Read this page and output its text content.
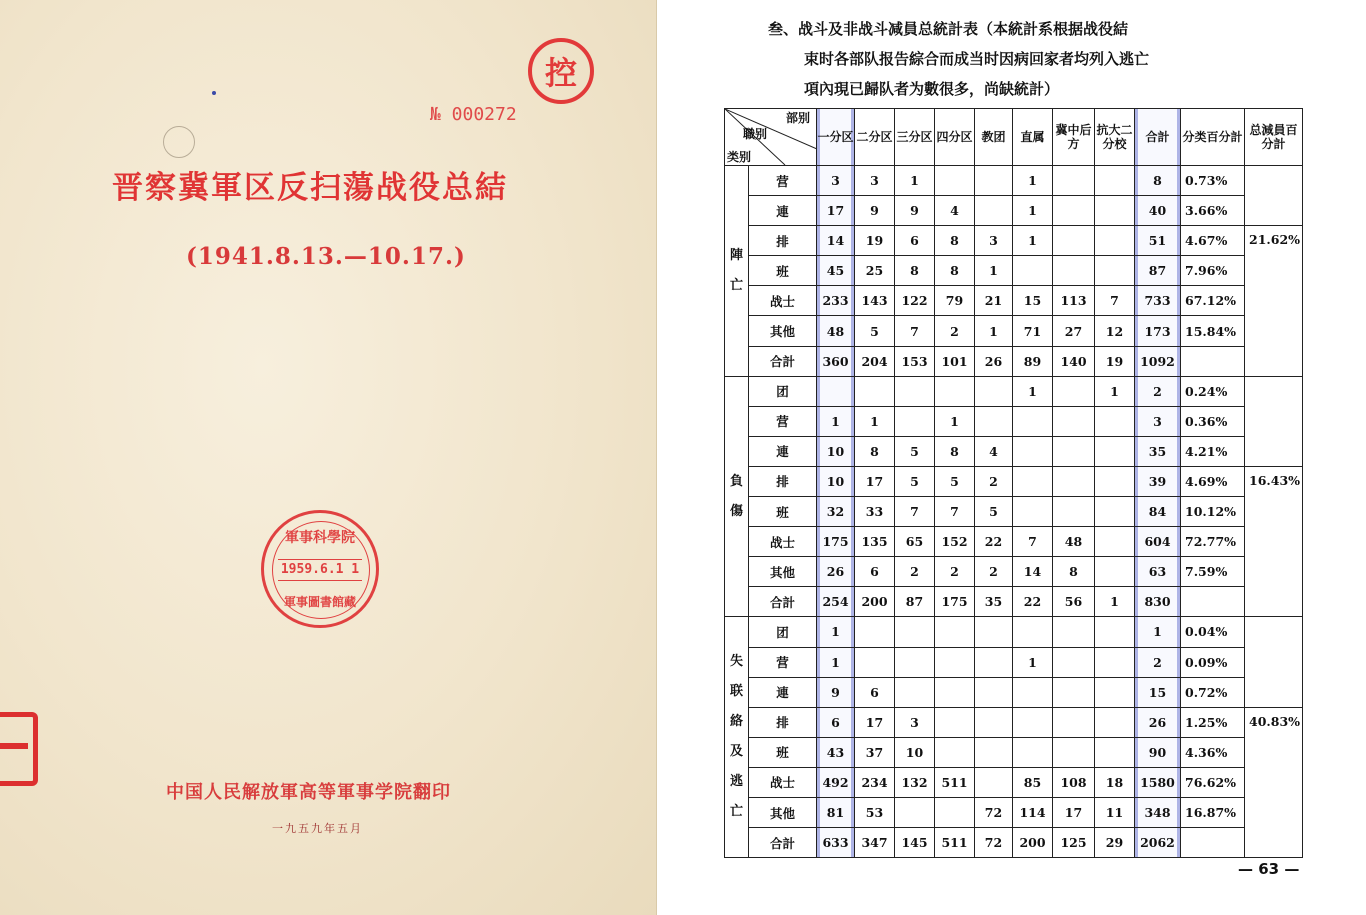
控
№ 000272
晋察冀軍区反扫蕩战役总結
(1941.8.13.—10.17.)
軍事科學院
1959.6.1 1
軍事圖書館藏
中国人民解放軍高等軍事学院翻印
一九五九年五月
叁、战斗及非战斗减員总統計表（本統計系根据战役結
束时各部队报告綜合而成当时因病回家者均列入逃亡
項內現已歸队者为數很多，尚缺統計）
部别
職别
类别		一分区	二分区	三分区	四分区	教团	直属	冀中后方	抗大二分校	合計	分类百分計	总減員百分計
陣亡	营	3	3	1			1			8	0.73%	
	連	17	9	9	4		1			40	3.66%	
	排	14	19	6	8	3	1			51	4.67%	21.62%
	班	45	25	8	8	1				87	7.96%	
	战士	233	143	122	79	21	15	113	7	733	67.12%	
	其他	48	5	7	2	1	71	27	12	173	15.84%	
	合計	360	204	153	101	26	89	140	19	1092		
負傷	团						1		1	2	0.24%	
	营	1	1		1					3	0.36%	
	連	10	8	5	8	4				35	4.21%	
	排	10	17	5	5	2				39	4.69%	16.43%
	班	32	33	7	7	5				84	10.12%	
	战士	175	135	65	152	22	7	48		604	72.77%	
	其他	26	6	2	2	2	14	8		63	7.59%	
	合計	254	200	87	175	35	22	56	1	830		
失联絡及逃亡	团	1								1	0.04%	
	营	1					1			2	0.09%	
	連	9	6							15	0.72%	
	排	6	17	3						26	1.25%	40.83%
	班	43	37	10						90	4.36%	
	战士	492	234	132	511		85	108	18	1580	76.62%	
	其他	81	53			72	114	17	11	348	16.87%	
	合計	633	347	145	511	72	200	125	29	2062		
— 63 —
